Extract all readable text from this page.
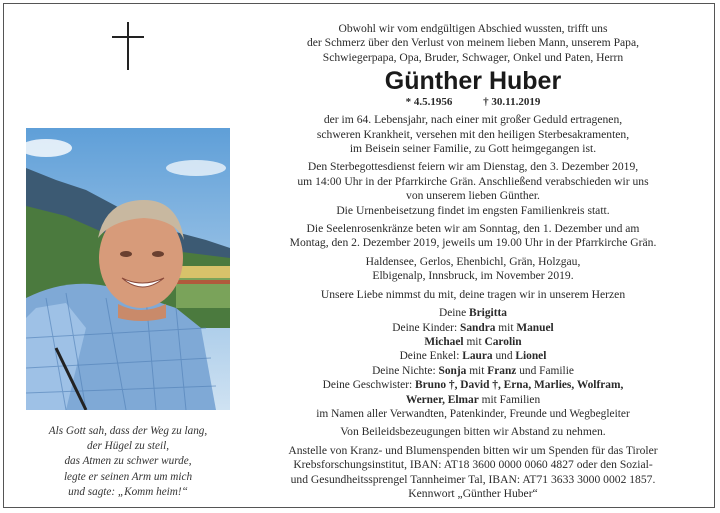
Als Gott sah, dass der Weg zu lang,
der Hügel zu steil,
das Atmen zu schwer wurde,
legte er seinen Arm um mich
und sagte: „Komm heim!“
Obwohl wir vom endgültigen Abschied wussten, trifft uns
der Schmerz über den Verlust von meinem lieben Mann, unserem Papa,
Schwiegerpapa, Opa, Bruder, Schwager, Onkel und Paten, Herrn
Günther Huber
* 4.5.1956	† 30.11.2019
der im 64. Lebensjahr, nach einer mit großer Geduld ertragenen,
schweren Krankheit, versehen mit den heiligen Sterbesakramenten,
im Beisein seiner Familie, zu Gott heimgegangen ist.
Den Sterbegottesdienst feiern wir am Dienstag, den 3. Dezember 2019,
um 14:00 Uhr in der Pfarrkirche Grän. Anschließend verabschieden wir uns
von unserem lieben Günther.
Die Urnenbeisetzung findet im engsten Familienkreis statt.
Die Seelenrosenkränze beten wir am Sonntag, den 1. Dezember und am
Montag, den 2. Dezember 2019, jeweils um 19.00 Uhr in der Pfarrkirche Grän.
Haldensee, Gerlos, Ehenbichl, Grän, Holzgau,
Elbigenalp, Innsbruck, im November 2019.
Unsere Liebe nimmst du mit, deine tragen wir in unserem Herzen
Deine Brigitta
Deine Kinder: Sandra mit Manuel
Michael mit Carolin
Deine Enkel: Laura und Lionel
Deine Nichte: Sonja mit Franz und Familie
Deine Geschwister: Bruno †, David †, Erna, Marlies, Wolfram,
Werner, Elmar mit Familien
im Namen aller Verwandten, Patenkinder, Freunde und Wegbegleiter
Von Beileidsbezeugungen bitten wir Abstand zu nehmen.
Anstelle von Kranz- und Blumenspenden bitten wir um Spenden für das Tiroler
Krebsforschungsinstitut, IBAN: AT18 3600 0000 0060 4827 oder den Sozial-
und Gesundheitssprengel Tannheimer Tal, IBAN: AT71 3633 3000 0002 1857.
Kennwort „Günther Huber“
